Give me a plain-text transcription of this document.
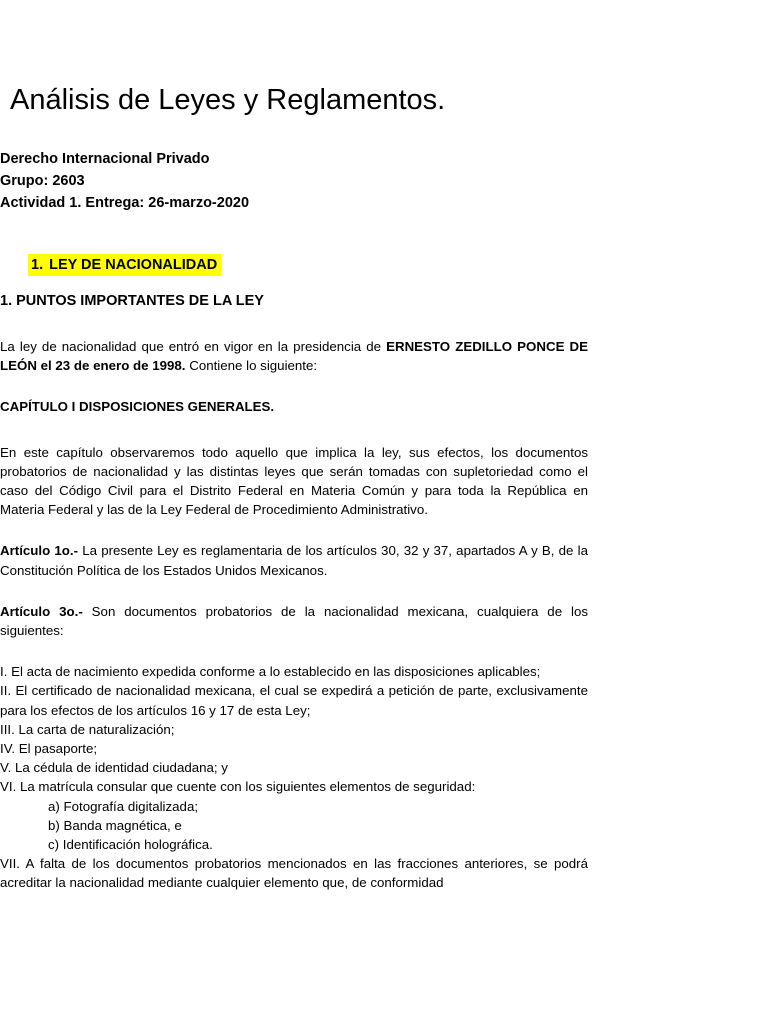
Análisis de Leyes y Reglamentos.
Derecho Internacional Privado
Grupo: 2603
Actividad 1. Entrega: 26-marzo-2020
1. LEY DE NACIONALIDAD
1. PUNTOS IMPORTANTES DE LA LEY

La ley de nacionalidad que entró en vigor en la presidencia de ERNESTO ZEDILLO PONCE DE LEÓN el 23 de enero de 1998. Contiene lo siguiente:

CAPÍTULO I DISPOSICIONES GENERALES.

En este capítulo observaremos todo aquello que implica la ley, sus efectos, los documentos probatorios de nacionalidad y las distintas leyes que serán tomadas con supletoriedad como el caso del Código Civil para el Distrito Federal en Materia Común y para toda la República en Materia Federal y las de la Ley Federal de Procedimiento Administrativo.

Artículo 1o.- La presente Ley es reglamentaria de los artículos 30, 32 y 37, apartados A y B, de la Constitución Política de los Estados Unidos Mexicanos.

Artículo 3o.- Son documentos probatorios de la nacionalidad mexicana, cualquiera de los siguientes:

I. El acta de nacimiento expedida conforme a lo establecido en las disposiciones aplicables;

II. El certificado de nacionalidad mexicana, el cual se expedirá a petición de parte, exclusivamente para los efectos de los artículos 16 y 17 de esta Ley;

III. La carta de naturalización;

IV. El pasaporte;

V. La cédula de identidad ciudadana; y

VI. La matrícula consular que cuente con los siguientes elementos de seguridad:

a) Fotografía digitalizada;

b) Banda magnética, e

c) Identificación holográfica.

VII. A falta de los documentos probatorios mencionados en las fracciones anteriores, se podrá acreditar la nacionalidad mediante cualquier elemento que, de conformidad
